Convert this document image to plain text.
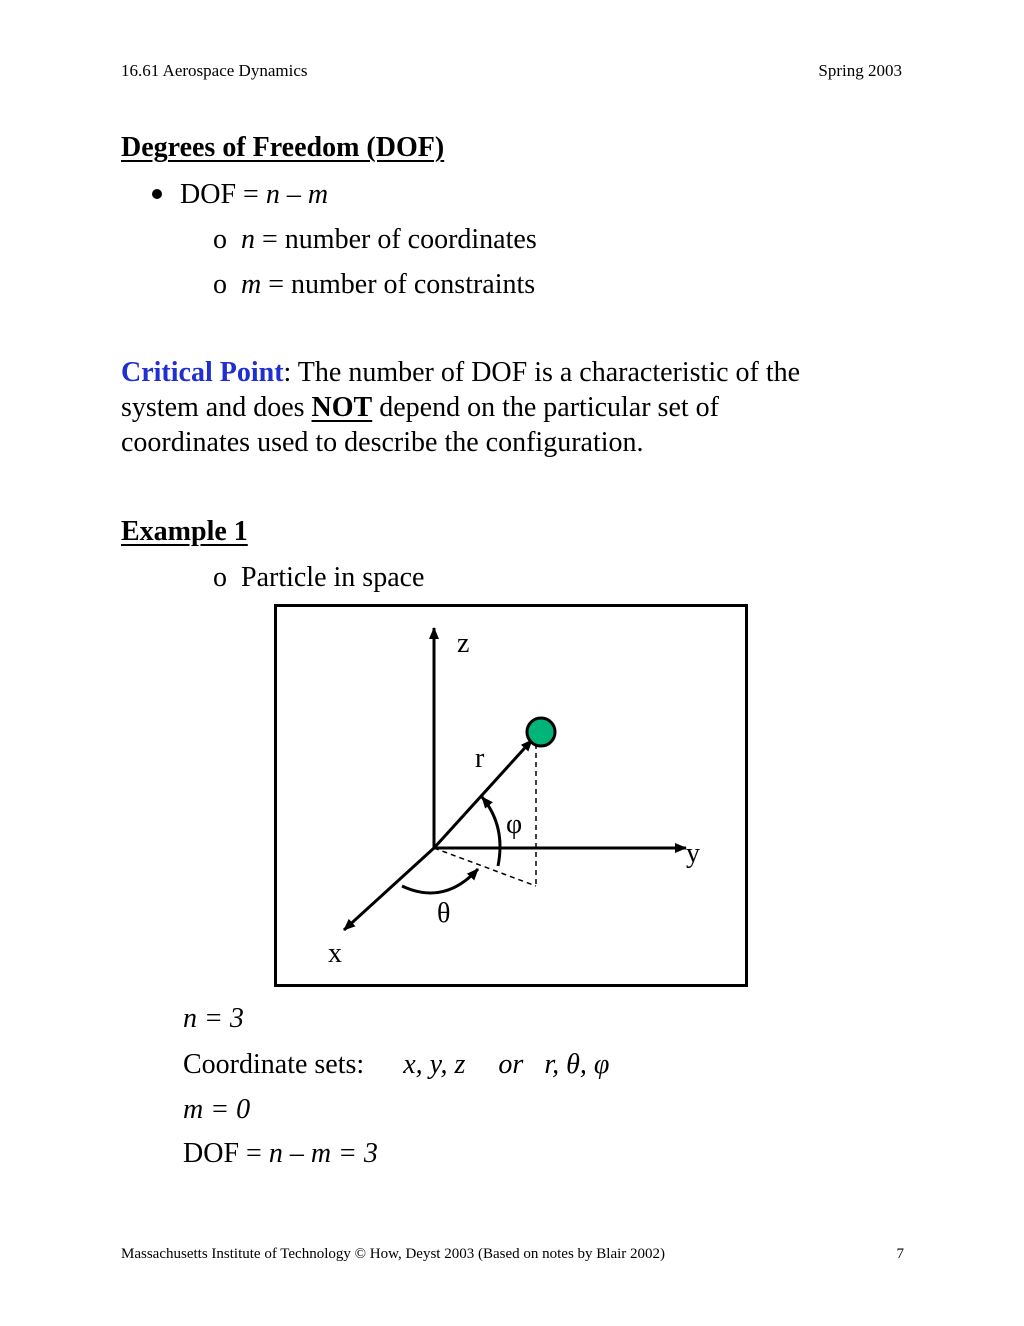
16.61 Aerospace Dynamics	Spring 2003
Degrees of Freedom (DOF)
DOF = n – m
o n = number of coordinates
o m = number of constraints
Critical Point: The number of DOF is a characteristic of the
system and does NOT depend on the particular set of
coordinates used to describe the configuration.
Example 1
o Particle in space
z
y
x
r
φ
θ
n = 3
Coordinate sets: x, y, z or r, θ, φ
m = 0
DOF = n – m = 3
Massachusetts Institute of Technology © How, Deyst 2003 (Based on notes by Blair 2002)	7
